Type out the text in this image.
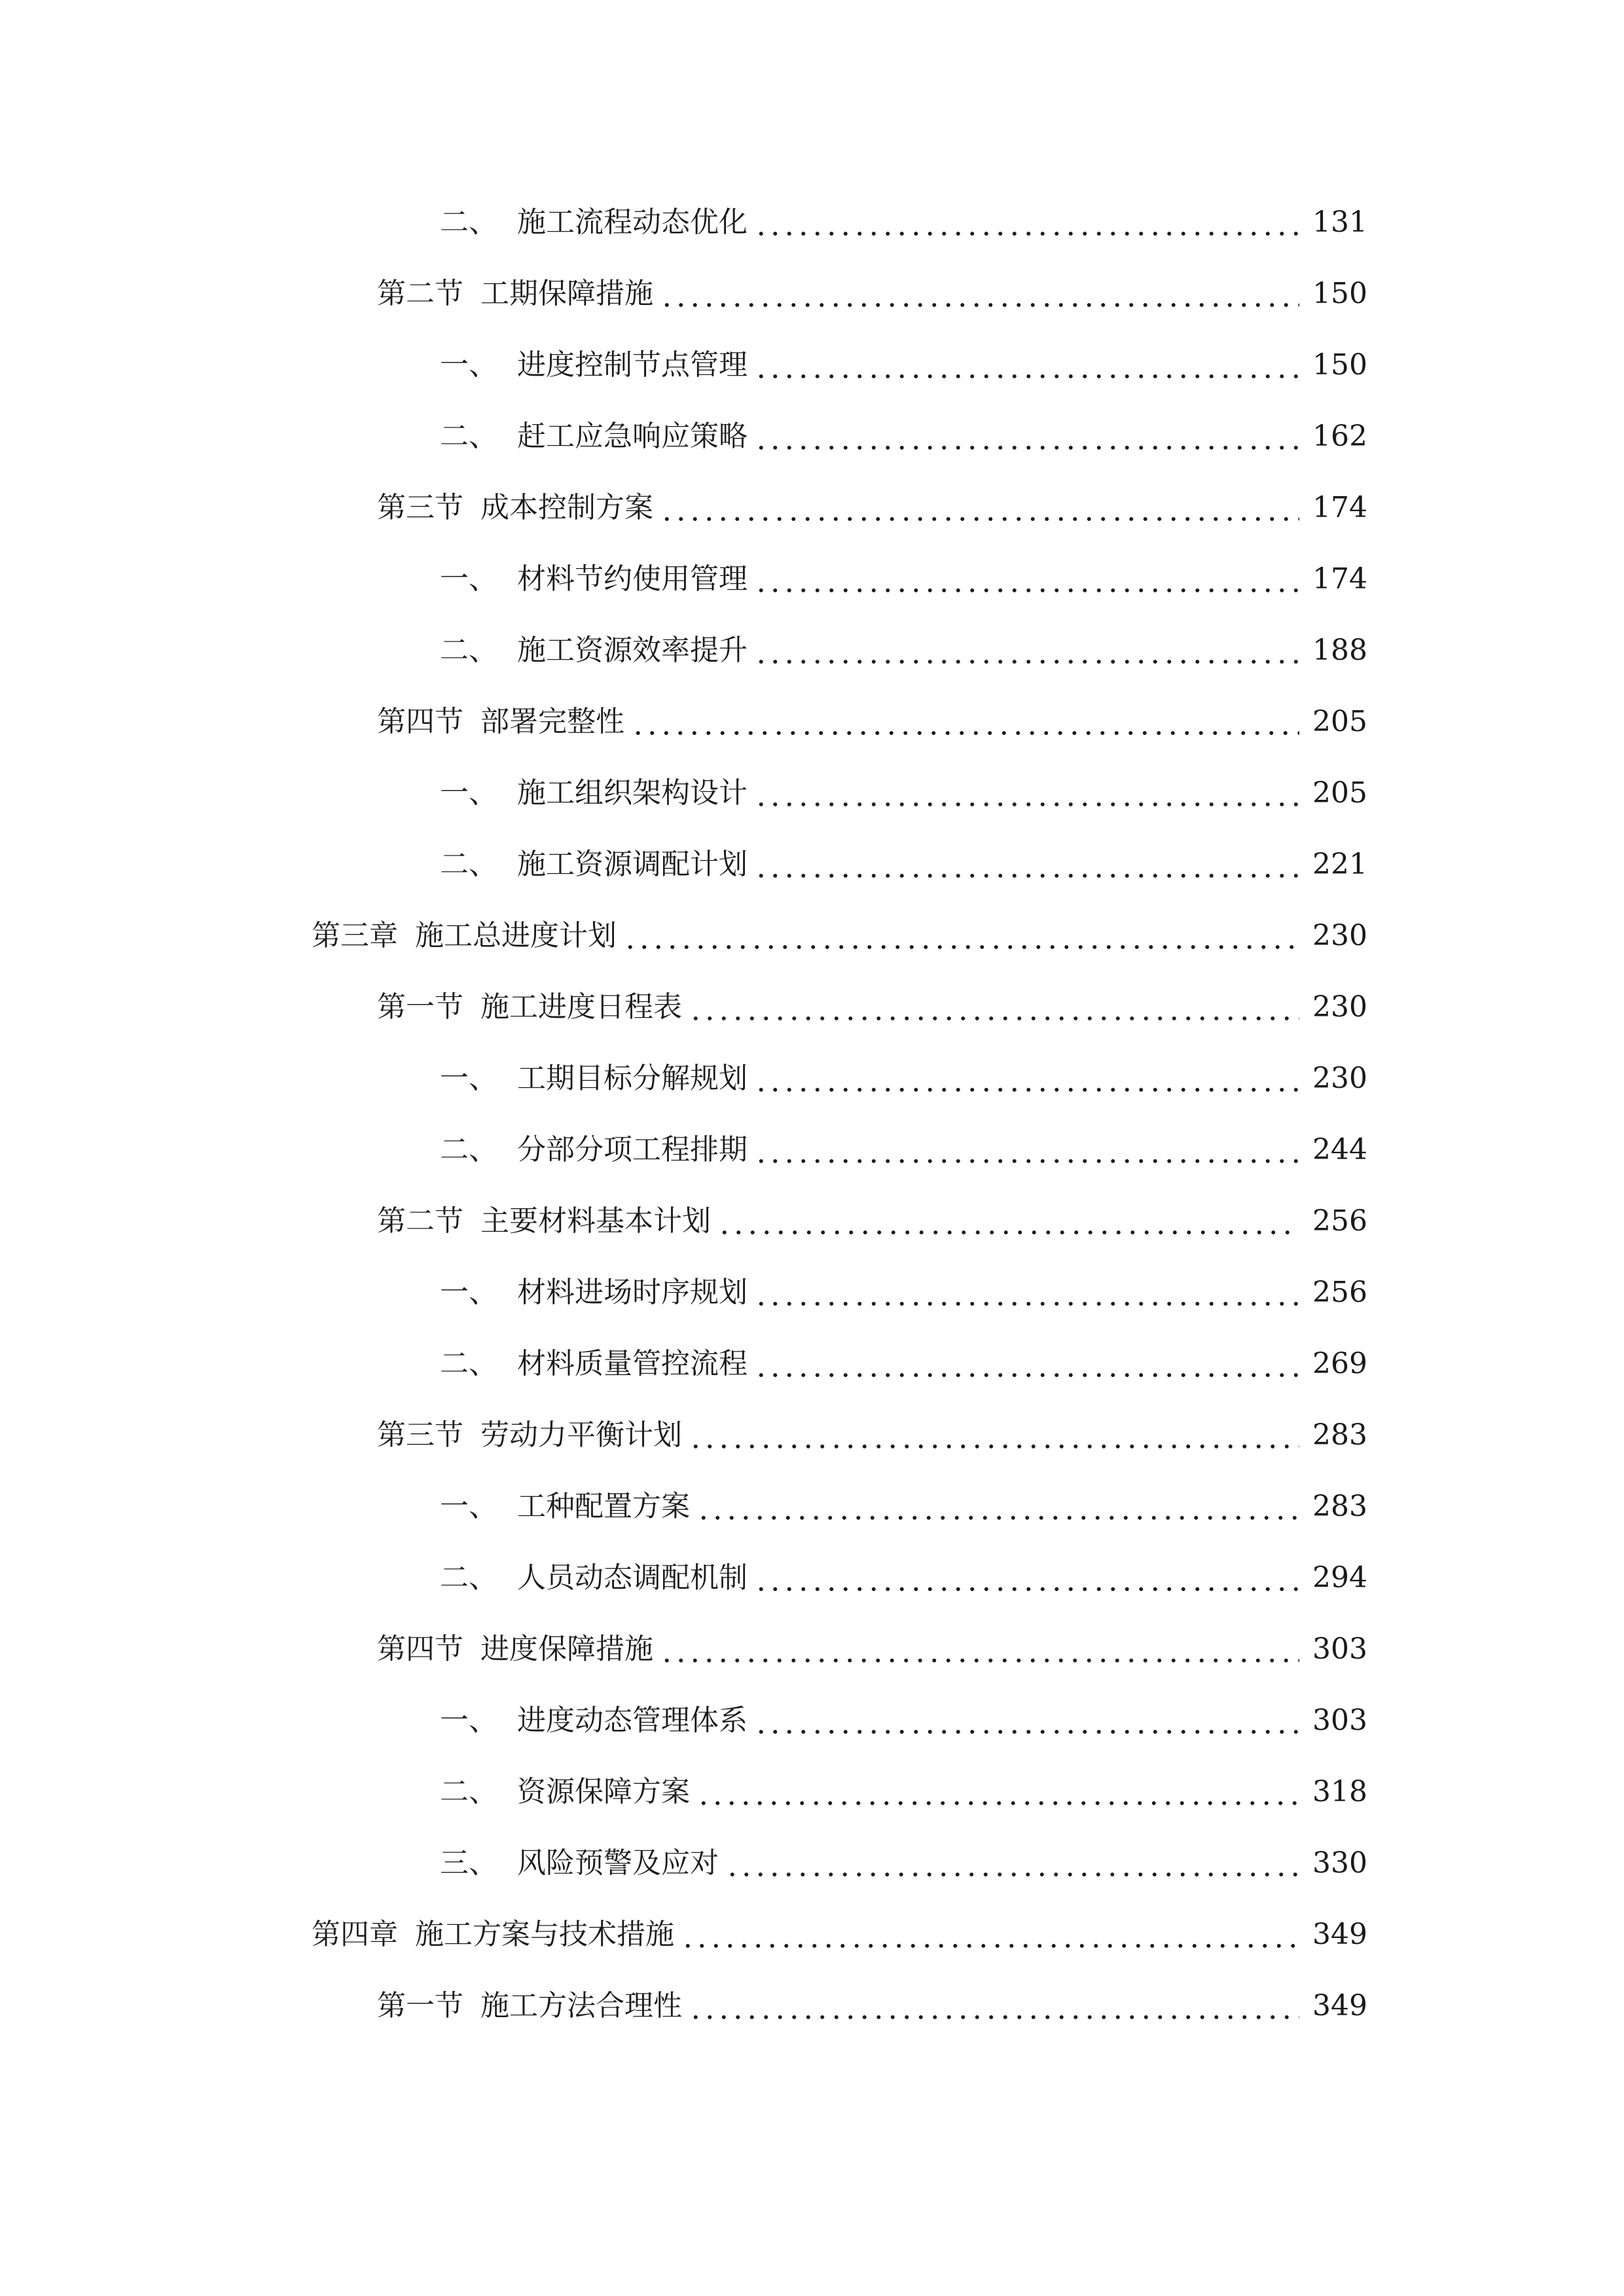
二、 施工流程动态优化	131
第二节 工期保障措施	150
一、 进度控制节点管理	150
二、 赶工应急响应策略	162
第三节 成本控制方案	174
一、 材料节约使用管理	174
二、 施工资源效率提升	188
第四节 部署完整性	205
一、 施工组织架构设计	205
二、 施工资源调配计划	221
第三章 施工总进度计划	230
第一节 施工进度日程表	230
一、 工期目标分解规划	230
二、 分部分项工程排期	244
第二节 主要材料基本计划	256
一、 材料进场时序规划	256
二、 材料质量管控流程	269
第三节 劳动力平衡计划	283
一、 工种配置方案	283
二、 人员动态调配机制	294
第四节 进度保障措施	303
一、 进度动态管理体系	303
二、 资源保障方案	318
三、 风险预警及应对	330
第四章 施工方案与技术措施	349
第一节 施工方法合理性	349
